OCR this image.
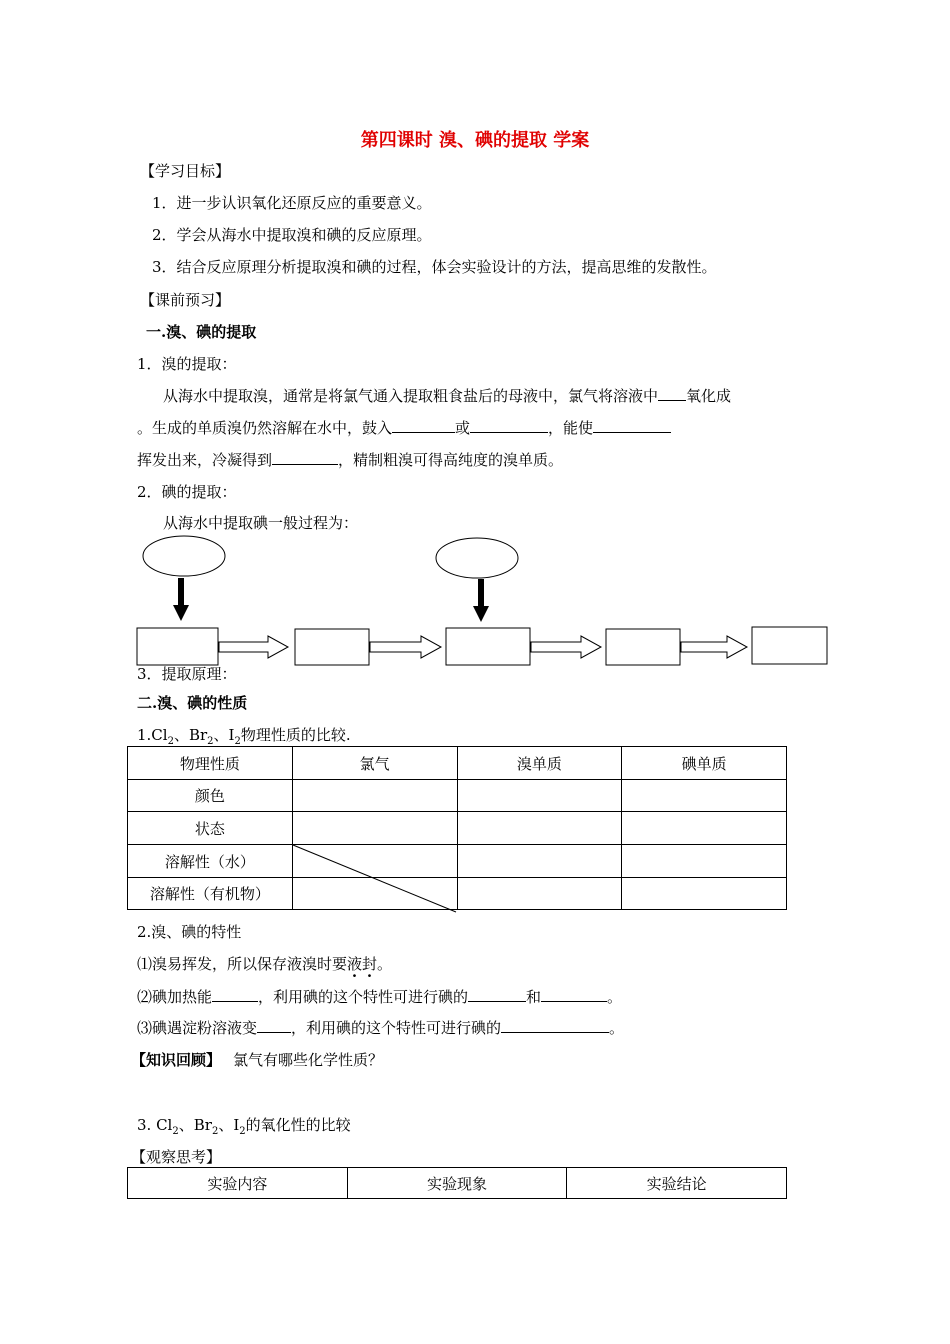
第四课时 溴、碘的提取 学案
【学习目标】
1．进一步认识氧化还原反应的重要意义。
2．学会从海水中提取溴和碘的反应原理。
3．结合反应原理分析提取溴和碘的过程，体会实验设计的方法，提高思维的发散性。
【课前预习】
一.溴、碘的提取
1．溴的提取：
从海水中提取溴，通常是将氯气通入提取粗食盐后的母液中，氯气将溶液中 氧化成
。生成的单质溴仍然溶解在水中，鼓入	或	，能使
挥发出来，冷凝得到	，精制粗溴可得高纯度的溴单质。
2．碘的提取：
从海水中提取碘一般过程为：
3．提取原理：
二.溴、碘的性质
$1.Cl_2$、$Br_2$、$I_2$物理性质的比较.
物理性质	氯气	溴单质	碘单质
颜色			
状态			
溶解性（水）			
溶解性（有机物）			
2.溴、碘的特性
⑴溴易挥发，所以保存液溴时要液封。
⑵碘加热能	，利用碘的这个特性可进行碘的	和	。
⑶碘遇淀粉溶液变 ，利用碘的这个特性可进行碘的	。
【知识回顾】 氯气有哪些化学性质？
3. $Cl_2$、$Br_2$、$I_2$的氧化性的比较
【观察思考】
实验内容	实验现象	实验结论
